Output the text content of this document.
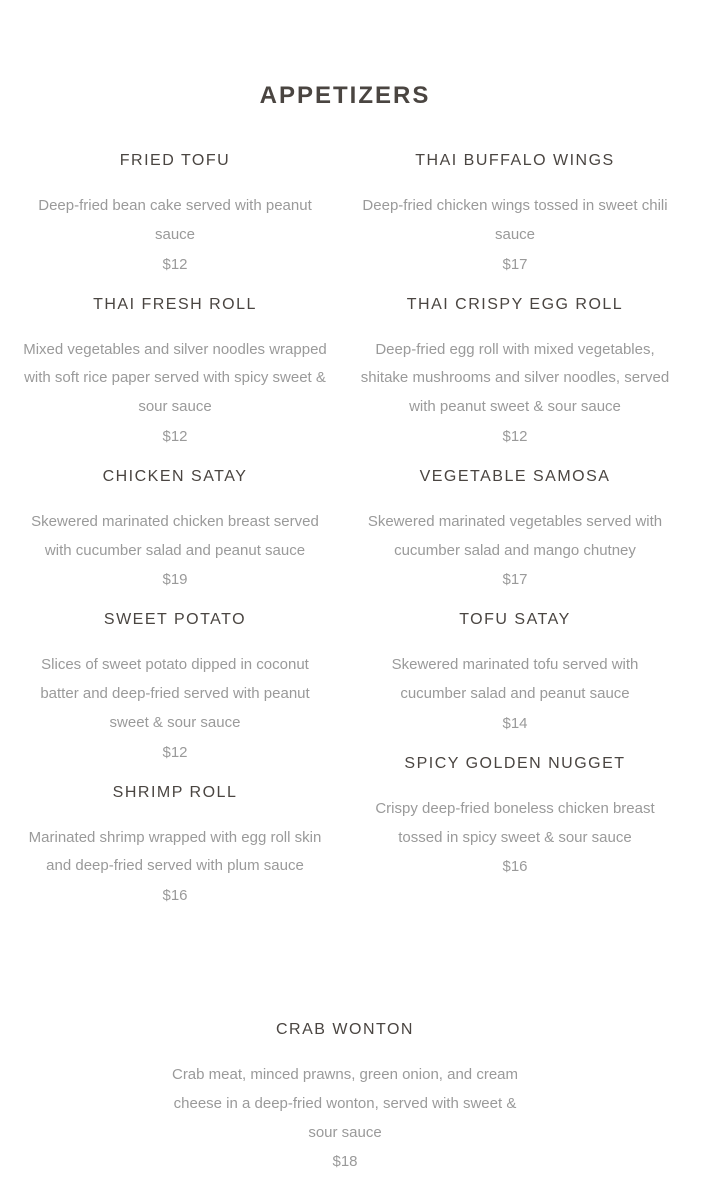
APPETIZERS
FRIED TOFU

Deep-fried bean cake served with peanut sauce

$12

THAI FRESH ROLL

Mixed vegetables and silver noodles wrapped with soft rice paper served with spicy sweet & sour sauce

$12

CHICKEN SATAY

Skewered marinated chicken breast served with cucumber salad and peanut sauce

$19

SWEET POTATO

Slices of sweet potato dipped in coconut batter and deep-fried served with peanut sweet & sour sauce

$12

SHRIMP ROLL

Marinated shrimp wrapped with egg roll skin and deep-fried served with plum sauce

$16

THAI BUFFALO WINGS

Deep-fried chicken wings tossed in sweet chili sauce

$17

THAI CRISPY EGG ROLL

Deep-fried egg roll with mixed vegetables, shitake mushrooms and silver noodles, served with peanut sweet & sour sauce

$12

VEGETABLE SAMOSA

Skewered marinated vegetables served with cucumber salad and mango chutney

$17

TOFU SATAY

Skewered marinated tofu served with cucumber salad and peanut sauce

$14

SPICY GOLDEN NUGGET

Crispy deep-fried boneless chicken breast tossed in spicy sweet & sour sauce

$16

CRAB WONTON

Crab meat, minced prawns, green onion, and cream cheese in a deep-fried wonton, served with sweet & sour sauce

$18
